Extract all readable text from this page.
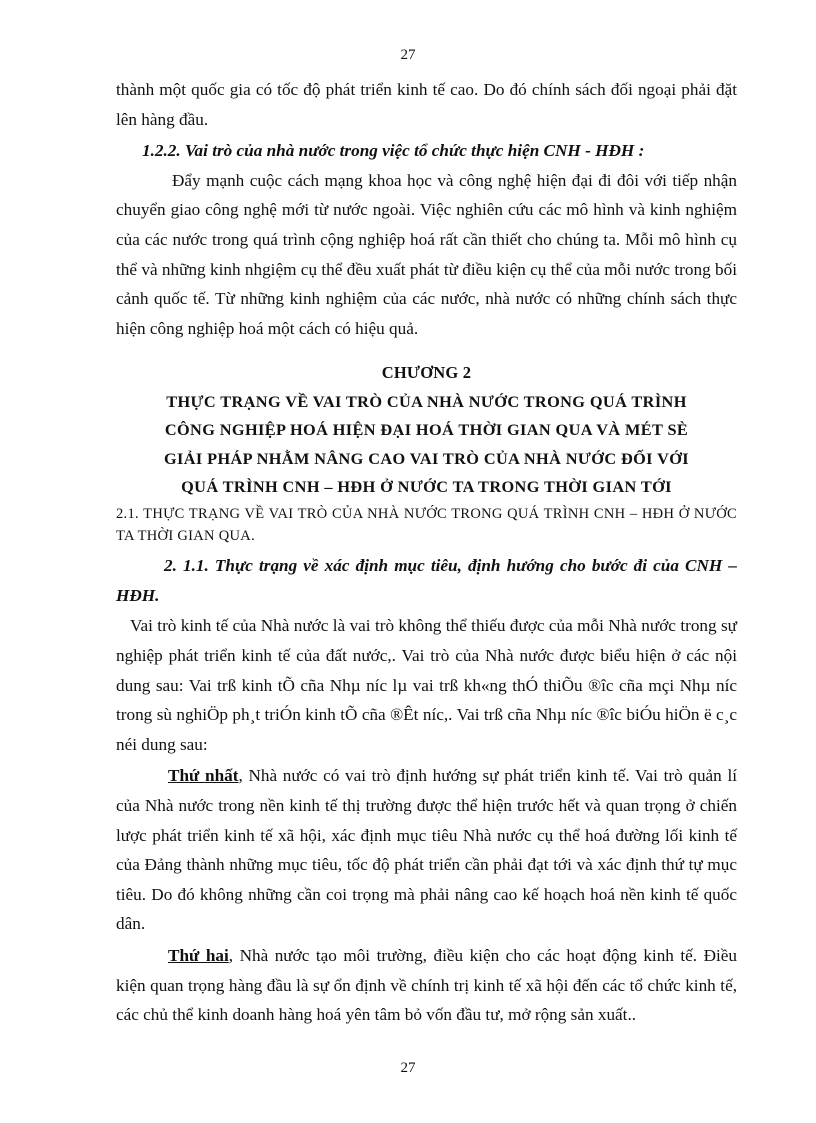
27

thành một quốc gia có tốc độ phát triển kinh tế cao. Do đó chính sách đối ngoại phải đặt lên hàng đầu.

1.2.2. Vai trò của nhà nước trong việc tổ chức thực hiện CNH - HĐH :

Đẩy mạnh cuộc cách mạng khoa học và công nghệ hiện đại đi đôi với tiếp nhận chuyển giao công nghệ mới từ nước ngoài. Việc nghiên cứu các mô hình và kinh nghiệm của các nước trong quá trình cộng nghiệp hoá rất cần thiết cho chúng ta. Mỗi mô hình cụ thể và những kinh nhgiệm cụ thể đều xuất phát từ điều kiện cụ thể của mỗi nước trong bối cảnh quốc tế. Từ những kinh nghiệm của các nước, nhà nước có những chính sách thực hiện công nghiệp hoá một cách có hiệu quả.

CHƯƠNG 2
THỰC TRẠNG VỀ VAI TRÒ CỦA NHÀ NƯỚC TRONG QUÁ TRÌNH
CÔNG NGHIỆP HOÁ HIỆN ĐẠI HOÁ THỜI GIAN QUA VÀ MÉT SÈ
GIẢI PHÁP NHẰM NÂNG CAO VAI TRÒ CỦA NHÀ NƯỚC ĐỐI VỚI
QUÁ TRÌNH CNH – HĐH Ở NƯỚC TA TRONG THỜI GIAN TỚI

2.1. THỰC TRẠNG VỀ VAI TRÒ CỦA NHÀ NƯỚC TRONG QUÁ TRÌNH CNH – HĐH Ở NƯỚC TA THỜI GIAN QUA.

2. 1.1. Thực trạng về xác định mục tiêu, định hướng cho bước đi của CNH – HĐH.

Vai trò kinh tế của Nhà nước là vai trò không thể thiếu được của mỗi Nhà nước trong sự nghiệp phát triển kinh tế của đất nước,. Vai trò của Nhà nước được biểu hiện ở các nội dung sau: Vai trß kinh tÕ cña Nhµ níc lµ vai trß kh«ng thÓ thiÕu ®îc cña mçi Nhµ níc trong sù nghiÖp ph¸t triÓn kinh tÕ cña ®Êt níc,. Vai trß cña Nhµ níc ®îc biÓu hiÖn ë c¸c néi dung sau:

Thứ nhất, Nhà nước có vai trò định hướng sự phát triển kinh tế. Vai trò quản lí của Nhà nước trong nền kinh tế thị trường được thể hiện trước hết và quan trọng ở chiến lược phát triển kinh tế xã hội, xác định mục tiêu Nhà nước cụ thể hoá đường lối kinh tế của Đảng thành những mục tiêu, tốc độ phát triển cần phải đạt tới và xác định thứ tự mục tiêu. Do đó không những cần coi trọng mà phải nâng cao kế hoạch hoá nền kinh tế quốc dân.

Thứ hai, Nhà nước tạo môi trường, điều kiện cho các hoạt động kinh tế. Điều kiện quan trọng hàng đầu là sự ổn định về chính trị kinh tế xã hội đến các tổ chức kinh tế, các chủ thể kinh doanh hàng hoá yên tâm bỏ vốn đầu tư, mở rộng sản xuất..

27
